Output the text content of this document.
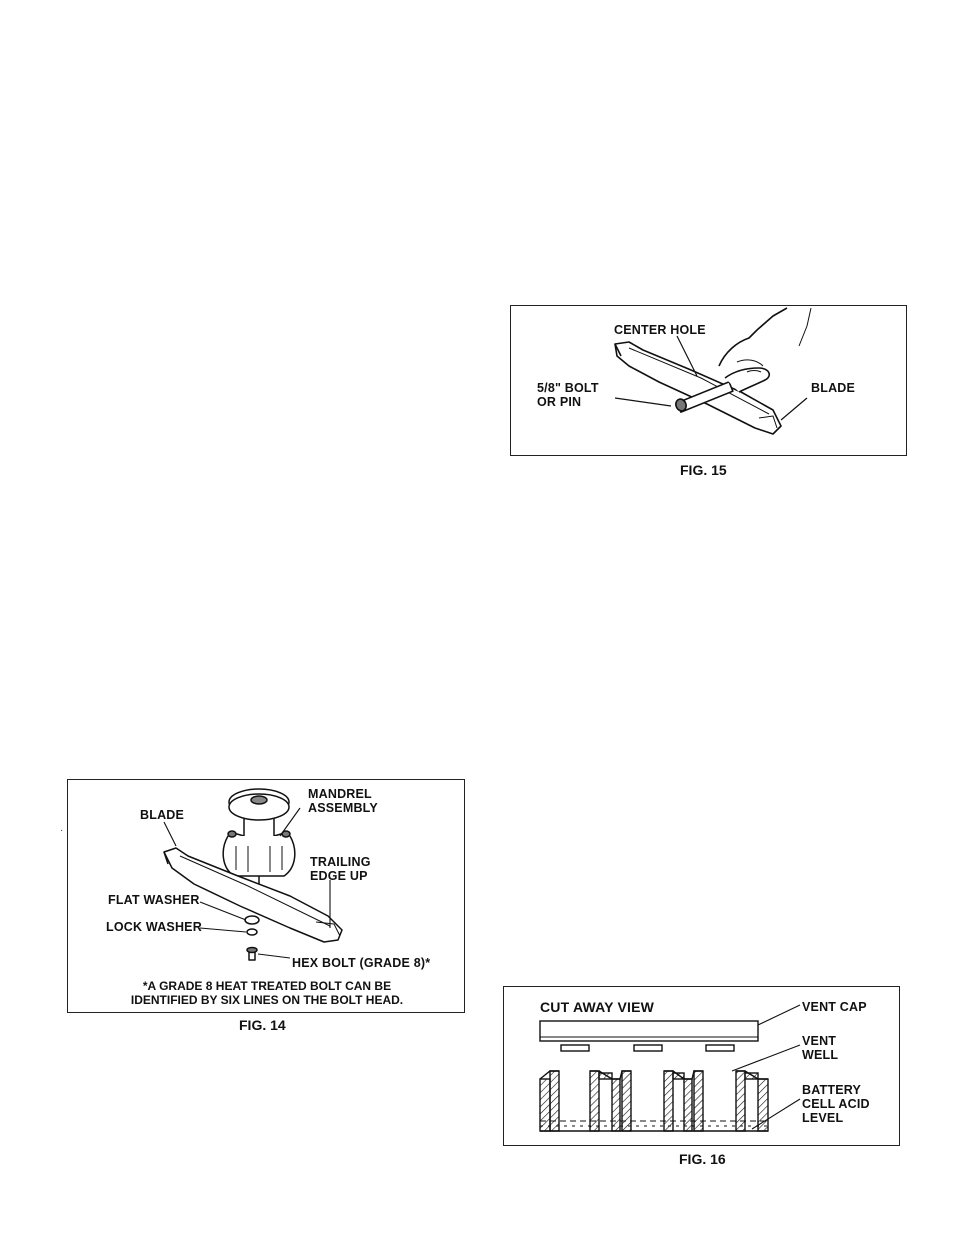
CENTER HOLE
5/8" BOLT
OR PIN
BLADE
FIG. 15
BLADE
MANDREL
ASSEMBLY
TRAILING
EDGE UP
FLAT WASHER
LOCK WASHER
HEX BOLT (GRADE 8)*
*A GRADE 8 HEAT TREATED BOLT CAN BE
IDENTIFIED BY SIX LINES ON THE BOLT HEAD.
FIG. 14
·
CUT AWAY VIEW	VENT CAP
VENT
WELL
BATTERY
CELL ACID
LEVEL
FIG. 16
